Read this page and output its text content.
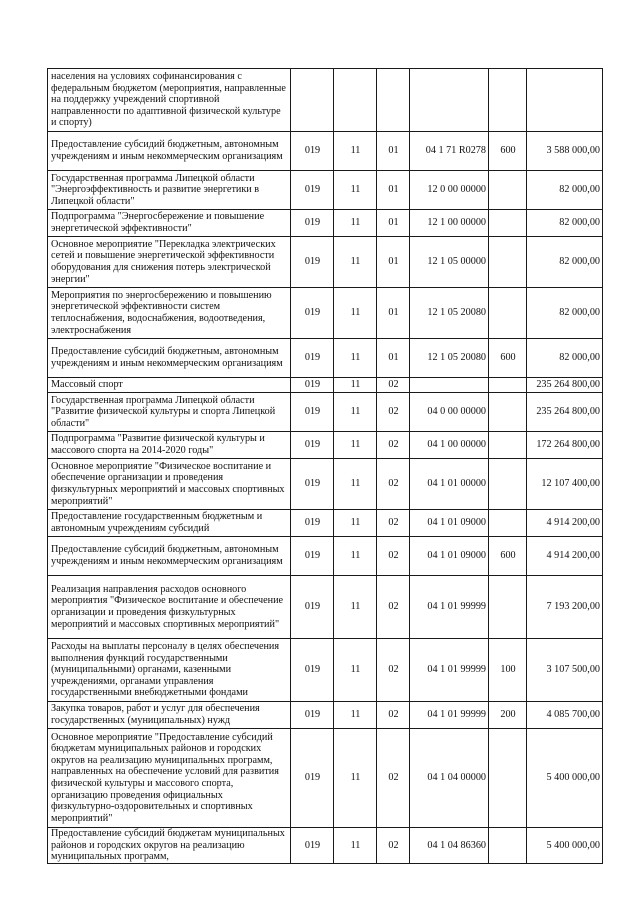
населения на условиях софинансирования с федеральным бюджетом (мероприятия, направленные на поддержку учреждений спортивной направленности по адаптивной физической культуре и спорту)						
Предоставление субсидий бюджетным, автономным учреждениям и иным некоммерческим организациям	019	11	01	04 1 71 R0278	600	3 588 000,00
Государственная программа Липецкой области "Энергоэффективность и развитие энергетики в Липецкой области"	019	11	01	12 0 00 00000		82 000,00
Подпрограмма "Энергосбережение и повышение энергетической эффективности"	019	11	01	12 1 00 00000		82 000,00
Основное мероприятие "Перекладка электрических сетей и повышение энергетической эффективности оборудования для снижения потерь электрической энергии"	019	11	01	12 1 05 00000		82 000,00
Мероприятия по энергосбережению и повышению энергетической эффективности систем теплоснабжения, водоснабжения, водоотведения, электроснабжения	019	11	01	12 1 05 20080		82 000,00
Предоставление субсидий бюджетным, автономным учреждениям и иным некоммерческим организациям	019	11	01	12 1 05 20080	600	82 000,00
Массовый спорт	019	11	02			235 264 800,00
Государственная программа Липецкой области "Развитие физической культуры и спорта Липецкой области"	019	11	02	04 0 00 00000		235 264 800,00
Подпрограмма "Развитие физической культуры и массового спорта на 2014-2020 годы"	019	11	02	04 1 00 00000		172 264 800,00
Основное мероприятие "Физическое воспитание и обеспечение организации и проведения физкультурных мероприятий и массовых спортивных мероприятий"	019	11	02	04 1 01 00000		12 107 400,00
Предоставление государственным бюджетным и автономным учреждениям субсидий	019	11	02	04 1 01 09000		4 914 200,00
Предоставление субсидий бюджетным, автономным учреждениям и иным некоммерческим организациям	019	11	02	04 1 01 09000	600	4 914 200,00
Реализация направления расходов основного мероприятия "Физическое воспитание и обеспечение организации и проведения физкультурных мероприятий и массовых спортивных мероприятий"	019	11	02	04 1 01 99999		7 193 200,00
Расходы на выплаты персоналу в целях обеспечения выполнения функций государственными (муниципальными) органами, казенными учреждениями, органами управления государственными внебюджетными фондами	019	11	02	04 1 01 99999	100	3 107 500,00
Закупка товаров, работ и услуг для обеспечения государственных (муниципальных) нужд	019	11	02	04 1 01 99999	200	4 085 700,00
Основное мероприятие "Предоставление субсидий бюджетам муниципальных районов и городских округов на реализацию муниципальных программ, направленных на обеспечение условий для развития физической культуры и массового спорта, организацию проведения официальных физкультурно-оздоровительных и спортивных мероприятий"	019	11	02	04 1 04 00000		5 400 000,00
Предоставление субсидий бюджетам муниципальных районов и городских округов на реализацию муниципальных программ,	019	11	02	04 1 04 86360		5 400 000,00
